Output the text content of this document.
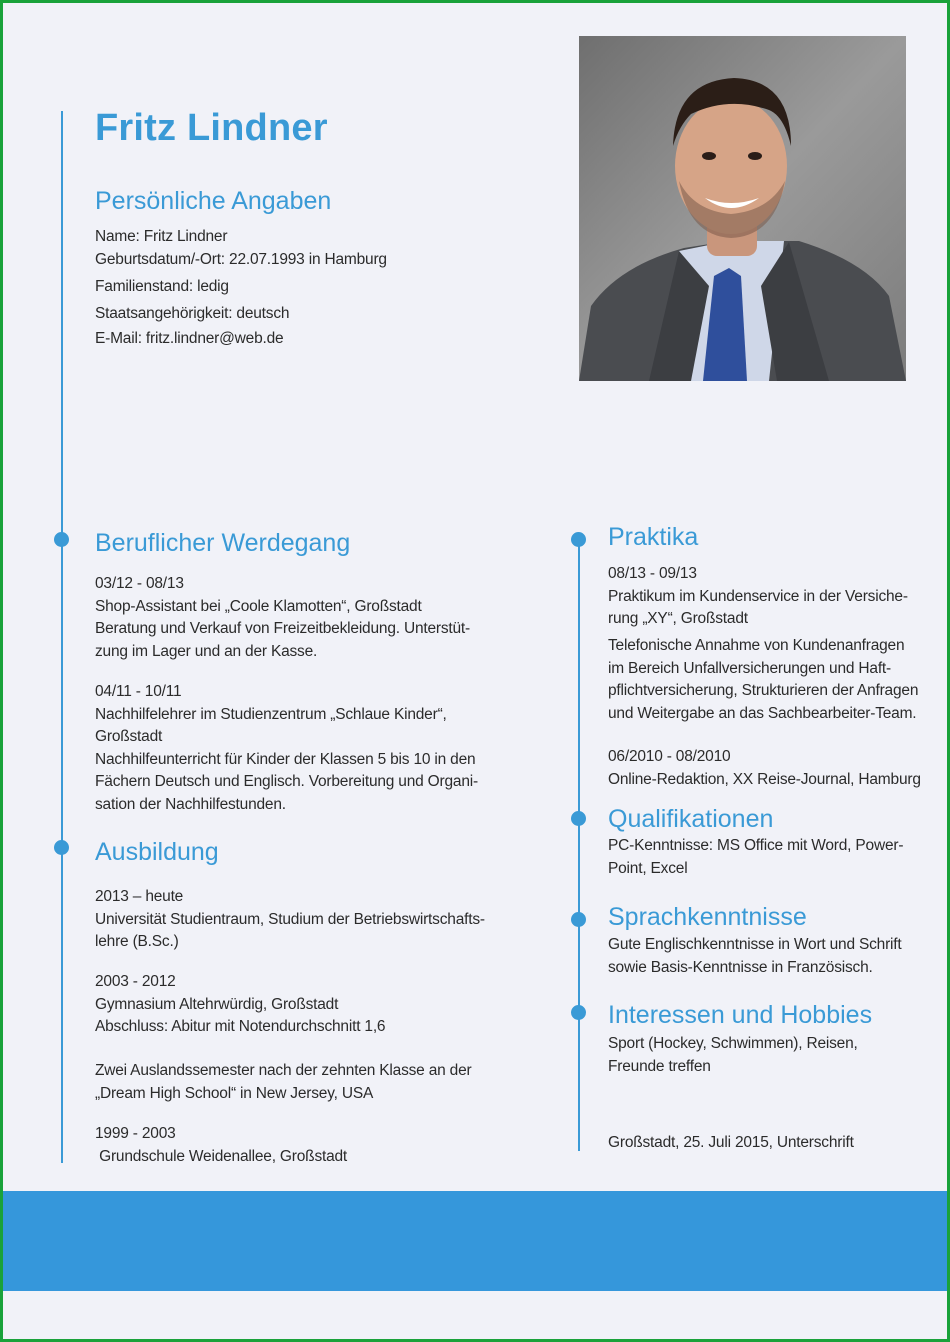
Fritz Lindner
Persönliche Angaben
Name: Fritz Lindner
Geburtsdatum/-Ort: 22.07.1993 in Hamburg
Familienstand: ledig
Staatsangehörigkeit: deutsch
E-Mail: fritz.lindner@web.de
Beruflicher Werdegang
03/12 - 08/13
Shop-Assistant bei „Coole Klamotten“, Großstadt
Beratung und Verkauf von Freizeitbekleidung. Unterstüt-
zung im Lager und an der Kasse.
04/11 - 10/11
Nachhilfelehrer im Studienzentrum „Schlaue Kinder“,
Großstadt
Nachhilfeunterricht für Kinder der Klassen 5 bis 10 in den
Fächern Deutsch und Englisch. Vorbereitung und Organi-
sation der Nachhilfestunden.
Ausbildung
2013 – heute
Universität Studientraum, Studium der Betriebswirtschafts-
lehre (B.Sc.)
2003 - 2012
Gymnasium Altehrwürdig, Großstadt
Abschluss: Abitur mit Notendurchschnitt 1,6
Zwei Auslandssemester nach der zehnten Klasse an der
„Dream High School“ in New Jersey, USA
1999 - 2003
Grundschule Weidenallee, Großstadt
Praktika
08/13 - 09/13
Praktikum im Kundenservice in der Versiche-
rung „XY“, Großstadt
Telefonische Annahme von Kundenanfragen
im Bereich Unfallversicherungen und Haft-
pflichtversicherung, Strukturieren der Anfragen
und Weitergabe an das Sachbearbeiter-Team.
06/2010 - 08/2010
Online-Redaktion, XX Reise-Journal, Hamburg
Qualifikationen
PC-Kenntnisse: MS Office mit Word, Power-
Point, Excel
Sprachkenntnisse
Gute Englischkenntnisse in Wort und Schrift
sowie Basis-Kenntnisse in Französisch.
Interessen und Hobbies
Sport (Hockey, Schwimmen), Reisen,
Freunde treffen
Großstadt, 25. Juli 2015, Unterschrift
